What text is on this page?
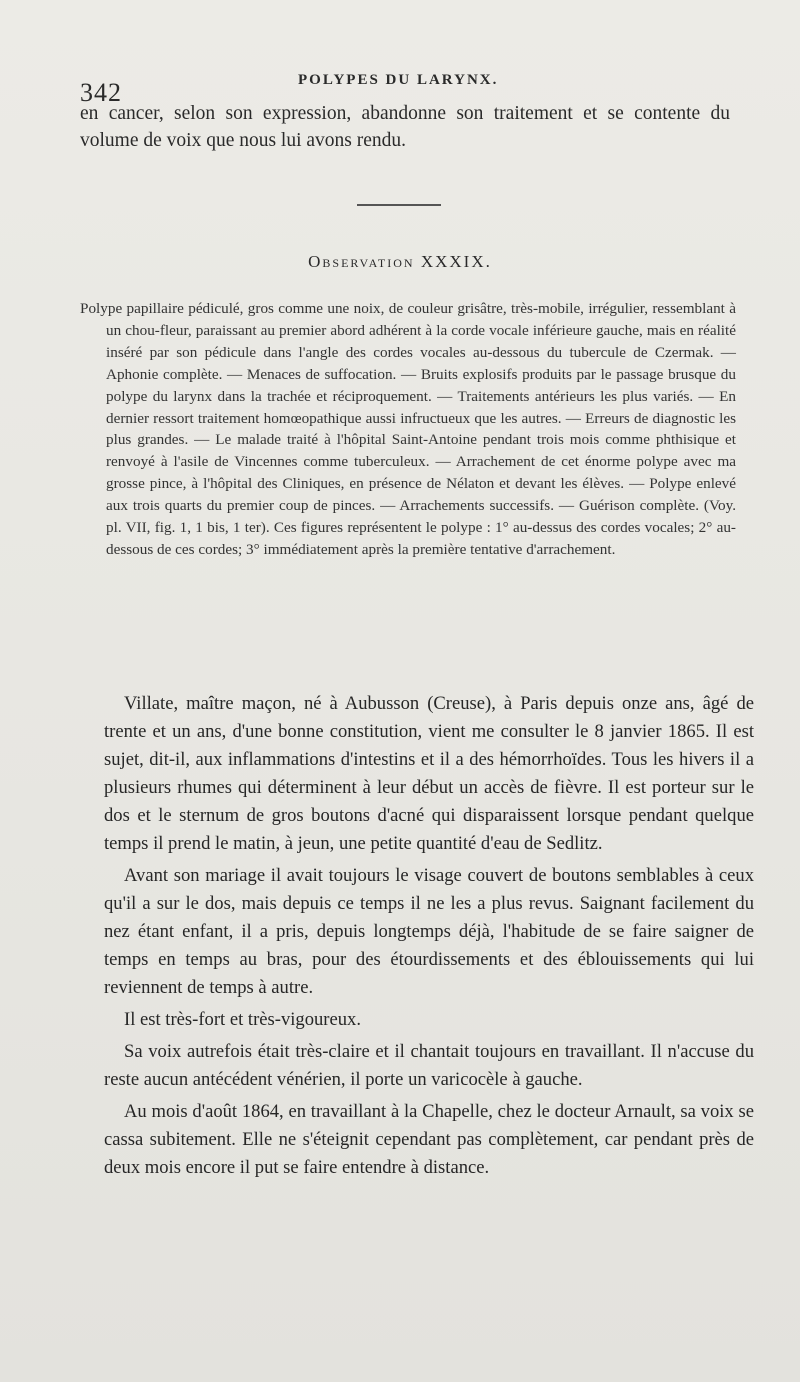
342	POLYPES DU LARYNX.
en cancer, selon son expression, abandonne son traitement et se contente du volume de voix que nous lui avons rendu.
Observation XXXIX.
Polype papillaire pédiculé, gros comme une noix, de couleur grisâtre, très-mobile, irrégulier, ressemblant à un chou-fleur, paraissant au premier abord adhérent à la corde vocale inférieure gauche, mais en réalité inséré par son pédicule dans l'angle des cordes vocales au-dessous du tubercule de Czermak. — Aphonie complète. — Menaces de suffocation. — Bruits explosifs produits par le passage brusque du polype du larynx dans la trachée et réciproquement. — Traitements antérieurs les plus variés. — En dernier ressort traitement homœopathique aussi infructueux que les autres. — Erreurs de diagnostic les plus grandes. — Le malade traité à l'hôpital Saint-Antoine pendant trois mois comme phthisique et renvoyé à l'asile de Vincennes comme tuberculeux. — Arrachement de cet énorme polype avec ma grosse pince, à l'hôpital des Cliniques, en présence de Nélaton et devant les élèves. — Polype enlevé aux trois quarts du premier coup de pinces. — Arrachements successifs. — Guérison complète. (Voy. pl. VII, fig. 1, 1 bis, 1 ter). Ces figures représentent le polype : 1° au-dessus des cordes vocales; 2° au-dessous de ces cordes; 3° immédiatement après la première tentative d'arrachement.

Villate, maître maçon, né à Aubusson (Creuse), à Paris depuis onze ans, âgé de trente et un ans, d'une bonne constitution, vient me consulter le 8 janvier 1865. Il est sujet, dit-il, aux inflammations d'intestins et il a des hémorrhoïdes. Tous les hivers il a plusieurs rhumes qui déterminent à leur début un accès de fièvre. Il est porteur sur le dos et le sternum de gros boutons d'acné qui disparaissent lorsque pendant quelque temps il prend le matin, à jeun, une petite quantité d'eau de Sedlitz.

Avant son mariage il avait toujours le visage couvert de boutons semblables à ceux qu'il a sur le dos, mais depuis ce temps il ne les a plus revus. Saignant facilement du nez étant enfant, il a pris, depuis longtemps déjà, l'habitude de se faire saigner de temps en temps au bras, pour des étourdissements et des éblouissements qui lui reviennent de temps à autre.

Il est très-fort et très-vigoureux.

Sa voix autrefois était très-claire et il chantait toujours en travaillant. Il n'accuse du reste aucun antécédent vénérien, il porte un varicocèle à gauche.

Au mois d'août 1864, en travaillant à la Chapelle, chez le docteur Arnault, sa voix se cassa subitement. Elle ne s'éteignit cependant pas complètement, car pendant près de deux mois encore il put se faire entendre à distance.
